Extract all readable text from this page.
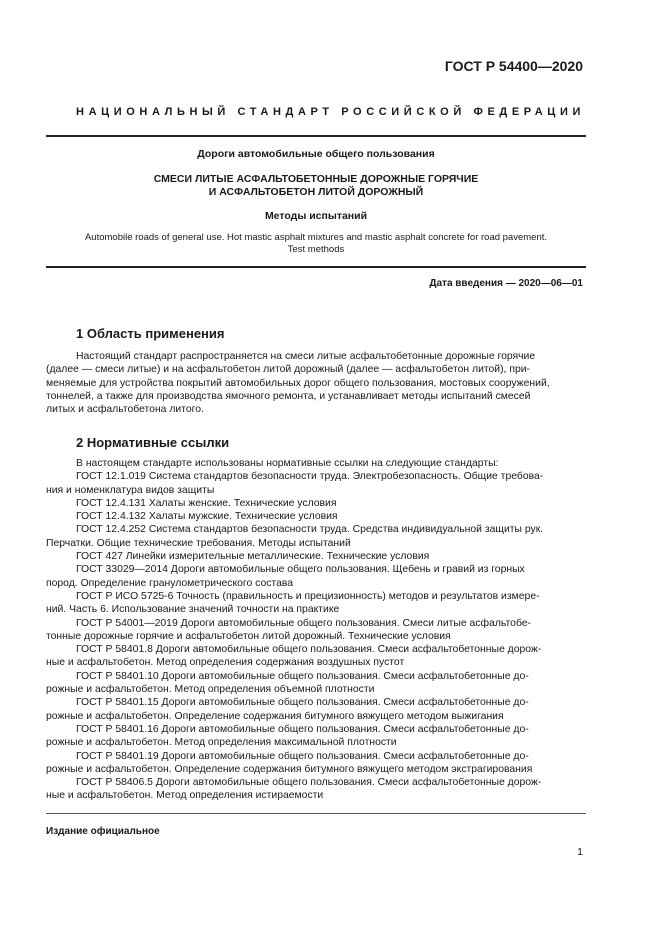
ГОСТ Р 54400—2020
НАЦИОНАЛЬНЫЙ СТАНДАРТ РОССИЙСКОЙ ФЕДЕРАЦИИ
Дороги автомобильные общего пользования
СМЕСИ ЛИТЫЕ АСФАЛЬТОБЕТОННЫЕ ДОРОЖНЫЕ ГОРЯЧИЕ
И АСФАЛЬТОБЕТОН ЛИТОЙ ДОРОЖНЫЙ
Методы испытаний
Automobile roads of general use. Hot mastic asphalt mixtures and mastic asphalt concrete for road pavement.
Test methods
Дата введения — 2020—06—01
1 Область применения
Настоящий стандарт распространяется на смеси литые асфальтобетонные дорожные горячие
(далее — смеси литые) и на асфальтобетон литой дорожный (далее — асфальтобетон литой), при-
меняемые для устройства покрытий автомобильных дорог общего пользования, мостовых сооружений,
тоннелей, а также для производства ямочного ремонта, и устанавливает методы испытаний смесей
литых и асфальтобетона литого.
2 Нормативные ссылки
В настоящем стандарте использованы нормативные ссылки на следующие стандарты:
ГОСТ 12.1.019 Система стандартов безопасности труда. Электробезопасность. Общие требова-
ния и номенклатура видов защиты
ГОСТ 12.4.131 Халаты женские. Технические условия
ГОСТ 12.4.132 Халаты мужские. Технические условия
ГОСТ 12.4.252 Система стандартов безопасности труда. Средства индивидуальной защиты рук.
Перчатки. Общие технические требования. Методы испытаний
ГОСТ 427 Линейки измерительные металлические. Технические условия
ГОСТ 33029—2014 Дороги автомобильные общего пользования. Щебень и гравий из горных
пород. Определение гранулометрического состава
ГОСТ Р ИСО 5725-6 Точность (правильность и прецизионность) методов и результатов измере-
ний. Часть 6. Использование значений точности на практике
ГОСТ Р 54001—2019 Дороги автомобильные общего пользования. Смеси литые асфальтобе-
тонные дорожные горячие и асфальтобетон литой дорожный. Технические условия
ГОСТ Р 58401.8 Дороги автомобильные общего пользования. Смеси асфальтобетонные дорож-
ные и асфальтобетон. Метод определения содержания воздушных пустот
ГОСТ Р 58401.10 Дороги автомобильные общего пользования. Смеси асфальтобетонные до-
рожные и асфальтобетон. Метод определения объемной плотности
ГОСТ Р 58401.15 Дороги автомобильные общего пользования. Смеси асфальтобетонные до-
рожные и асфальтобетон. Определение содержания битумного вяжущего методом выжигания
ГОСТ Р 58401.16 Дороги автомобильные общего пользования. Смеси асфальтобетонные до-
рожные и асфальтобетон. Метод определения максимальной плотности
ГОСТ Р 58401.19 Дороги автомобильные общего пользования. Смеси асфальтобетонные до-
рожные и асфальтобетон. Определение содержания битумного вяжущего методом экстрагирования
ГОСТ Р 58406.5 Дороги автомобильные общего пользования. Смеси асфальтобетонные дорож-
ные и асфальтобетон. Метод определения истираемости
Издание официальное
1
